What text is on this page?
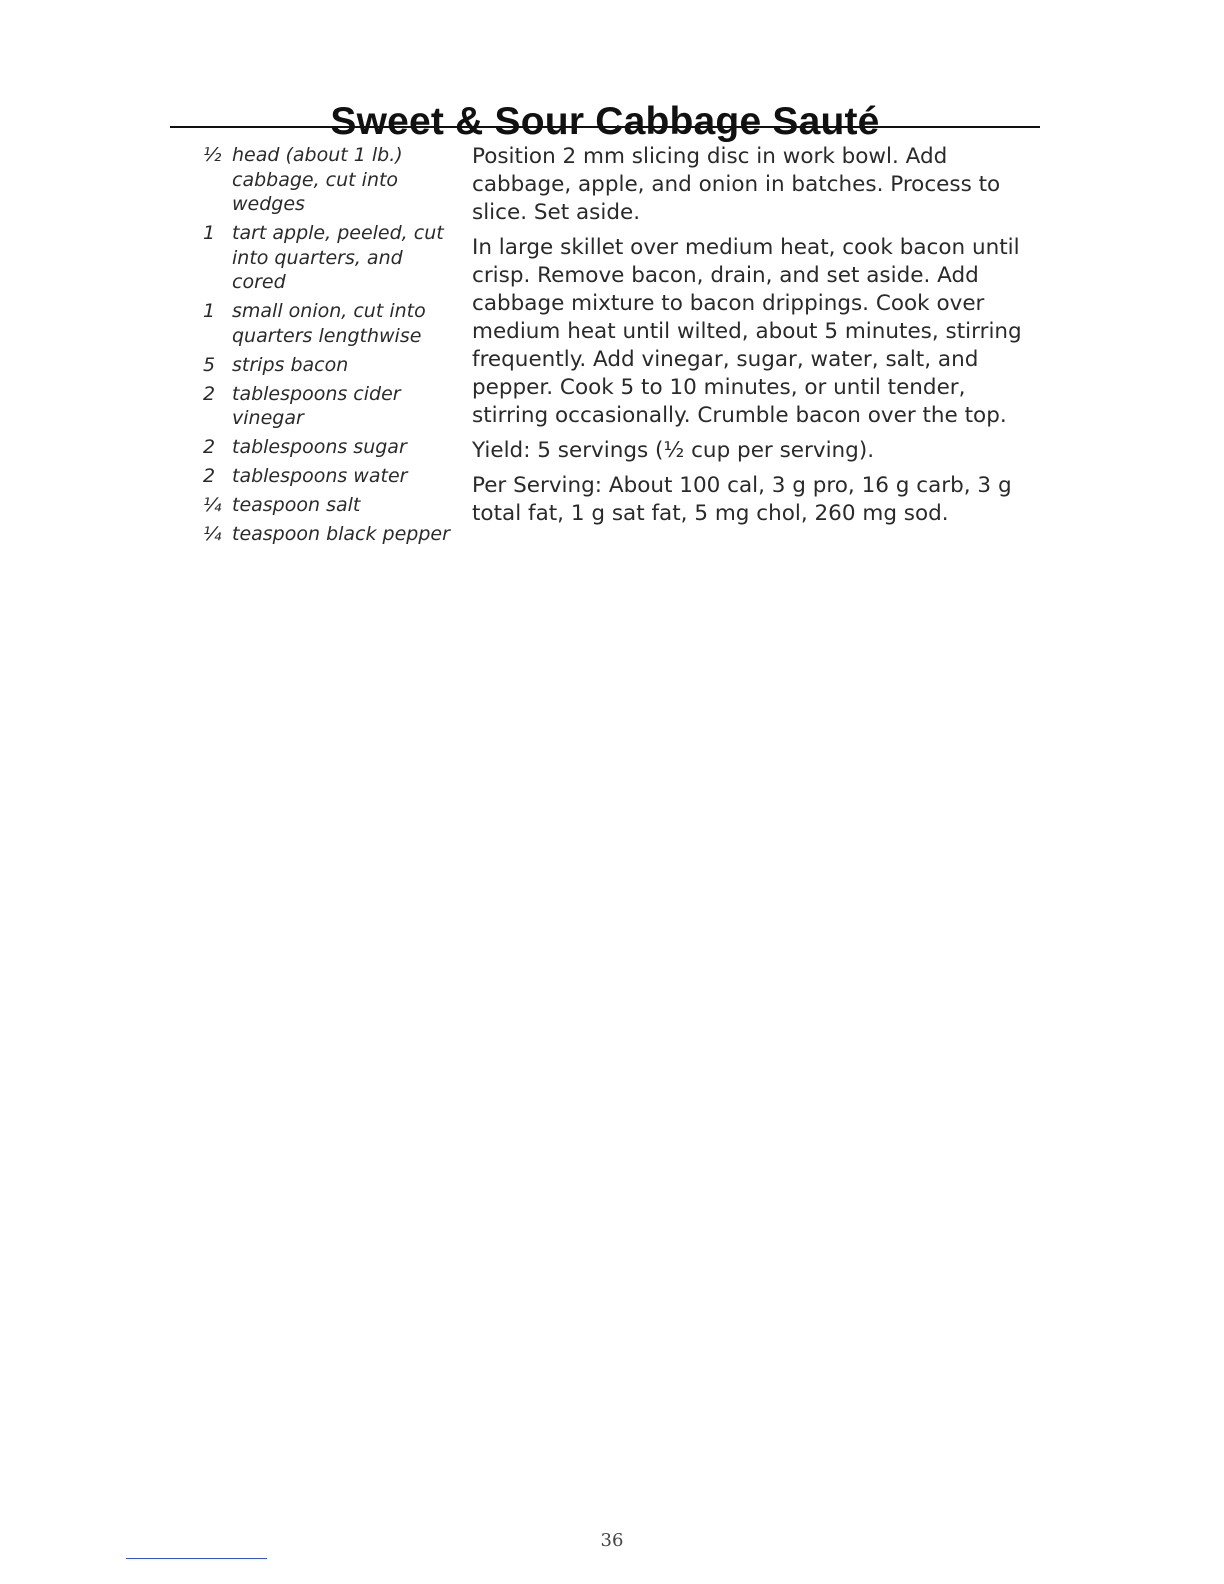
Sweet & Sour Cabbage Sauté
½ head (about 1 lb.) cabbage, cut into wedges
1 tart apple, peeled, cut into quarters, and cored
1 small onion, cut into quarters lengthwise
5 strips bacon
2 tablespoons cider vinegar
2 tablespoons sugar
2 tablespoons water
¼ teaspoon salt
¼ teaspoon black pepper

Position 2 mm slicing disc in work bowl. Add cabbage, apple, and onion in batches. Process to slice. Set aside.

In large skillet over medium heat, cook bacon until crisp. Remove bacon, drain, and set aside. Add cabbage mixture to bacon drippings. Cook over medium heat until wilted, about 5 minutes, stirring frequently. Add vinegar, sugar, water, salt, and pepper. Cook 5 to 10 minutes, or until tender, stirring occasionally. Crumble bacon over the top.

Yield: 5 servings (½ cup per serving).

Per Serving: About 100 cal, 3 g pro, 16 g carb, 3 g total fat, 1 g sat fat, 5 mg chol, 260 mg sod.

36
